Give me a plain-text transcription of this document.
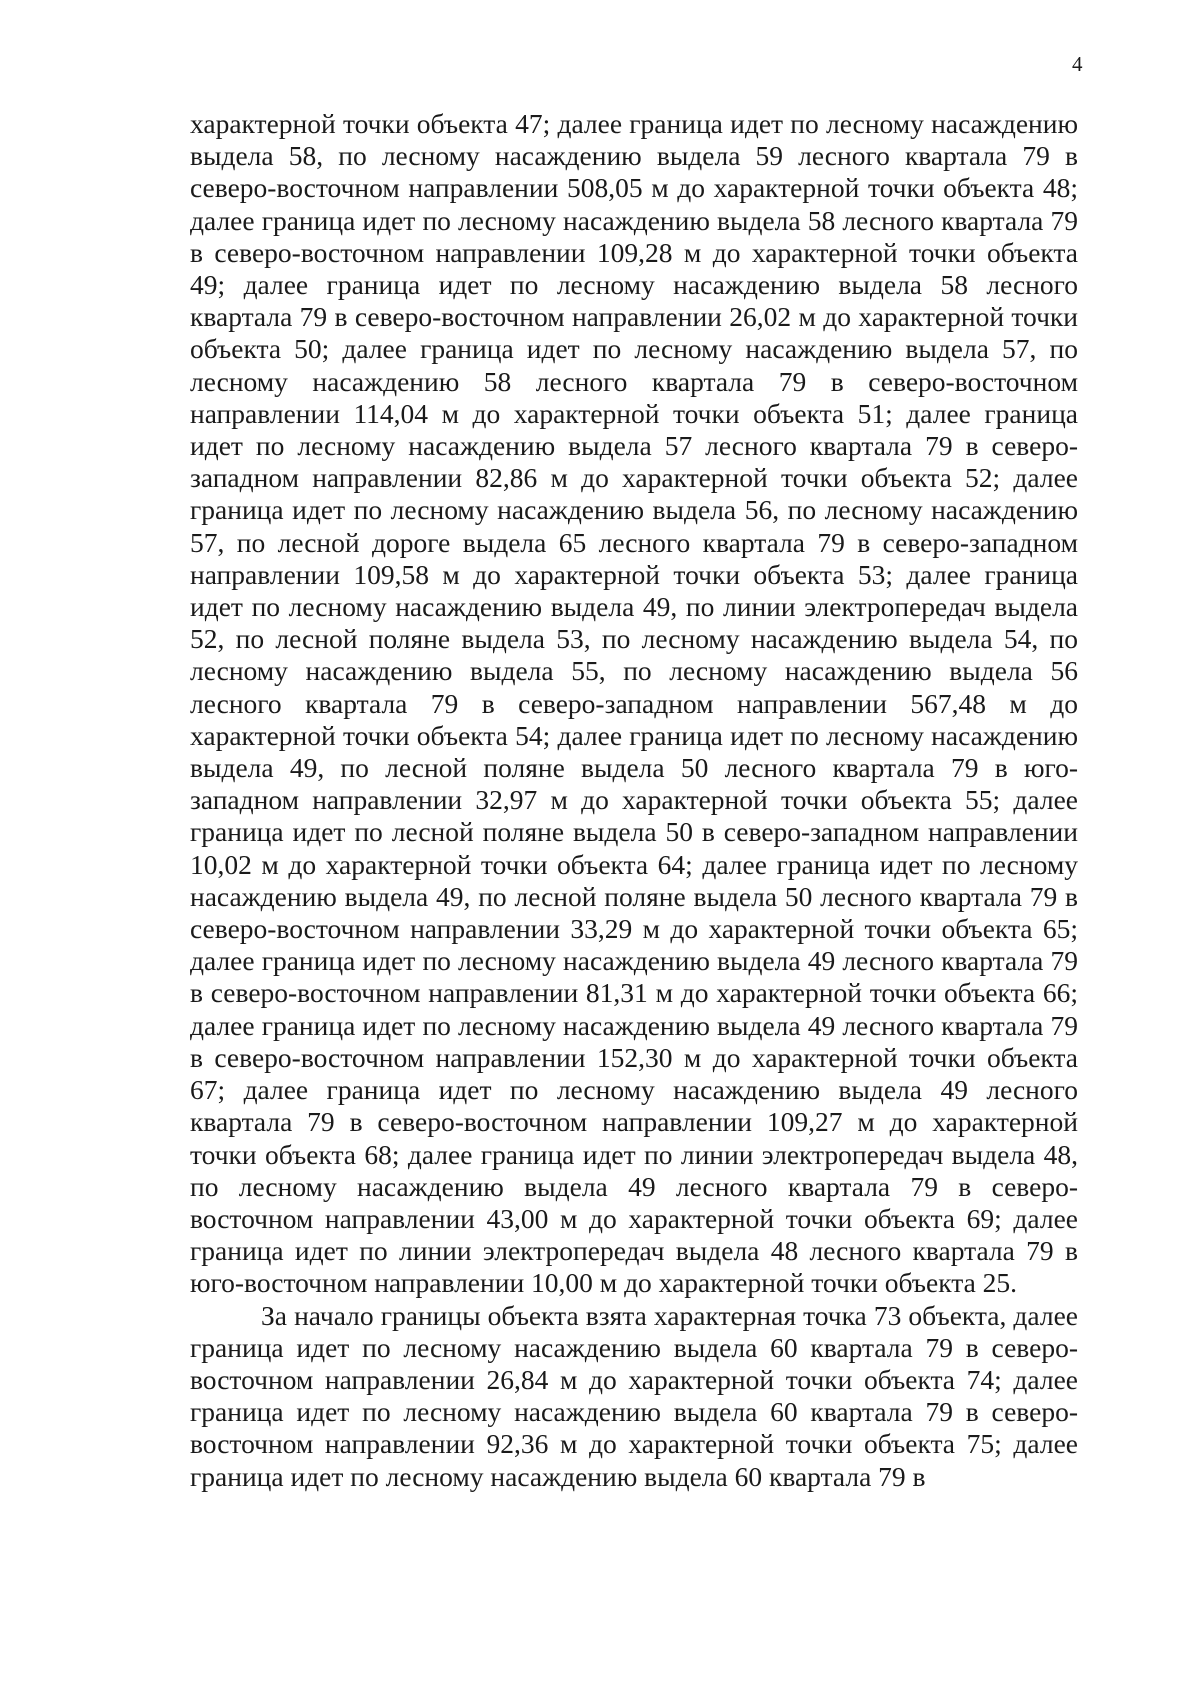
4

характерной точки объекта 47; далее граница идет по лесному насаждению выдела 58, по лесному насаждению выдела 59 лесного квартала 79 в северо-восточном направлении 508,05 м до характерной точки объекта 48; далее граница идет по лесному насаждению выдела 58 лесного квартала 79 в северо-восточном направлении 109,28 м до характерной точки объекта 49; далее граница идет по лесному насаждению выдела 58 лесного квартала 79 в северо-восточном направлении 26,02 м до характерной точки объекта 50; далее граница идет по лесному насаждению выдела 57, по лесному насаждению 58 лесного квартала 79 в северо-восточном направлении 114,04 м до характерной точки объекта 51; далее граница идет по лесному насаждению выдела 57 лесного квартала 79 в северо-западном направлении 82,86 м до характерной точки объекта 52; далее граница идет по лесному насаждению выдела 56, по лесному насаждению 57, по лесной дороге выдела 65 лесного квартала 79 в северо-западном направлении 109,58 м до характерной точки объекта 53; далее граница идет по лесному насаждению выдела 49, по линии электропередач выдела 52, по лесной поляне выдела 53, по лесному насаждению выдела 54, по лесному насаждению выдела 55, по лесному насаждению выдела 56 лесного квартала 79 в северо-западном направлении 567,48 м до характерной точки объекта 54; далее граница идет по лесному насаждению выдела 49, по лесной поляне выдела 50 лесного квартала 79 в юго-западном направлении 32,97 м до характерной точки объекта 55; далее граница идет по лесной поляне выдела 50 в северо-западном направлении 10,02 м до характерной точки объекта 64; далее граница идет по лесному насаждению выдела 49, по лесной поляне выдела 50 лесного квартала 79 в северо-восточном направлении 33,29 м до характерной точки объекта 65; далее граница идет по лесному насаждению выдела 49 лесного квартала 79 в северо-восточном направлении 81,31 м до характерной точки объекта 66; далее граница идет по лесному насаждению выдела 49 лесного квартала 79 в северо-восточном направлении 152,30 м до характерной точки объекта 67; далее граница идет по лесному насаждению выдела 49 лесного квартала 79 в северо-восточном направлении 109,27 м до характерной точки объекта 68; далее граница идет по линии электропередач выдела 48, по лесному насаждению выдела 49 лесного квартала 79 в северо-восточном направлении 43,00 м до характерной точки объекта 69; далее граница идет по линии электропередач выдела 48 лесного квартала 79 в юго-восточном направлении 10,00 м до характерной точки объекта 25.

За начало границы объекта взята характерная точка 73 объекта, далее граница идет по лесному насаждению выдела 60 квартала 79 в северо-восточном направлении 26,84 м до характерной точки объекта 74; далее граница идет по лесному насаждению выдела 60 квартала 79 в северо-восточном направлении 92,36 м до характерной точки объекта 75; далее граница идет по лесному насаждению выдела 60 квартала 79 в
